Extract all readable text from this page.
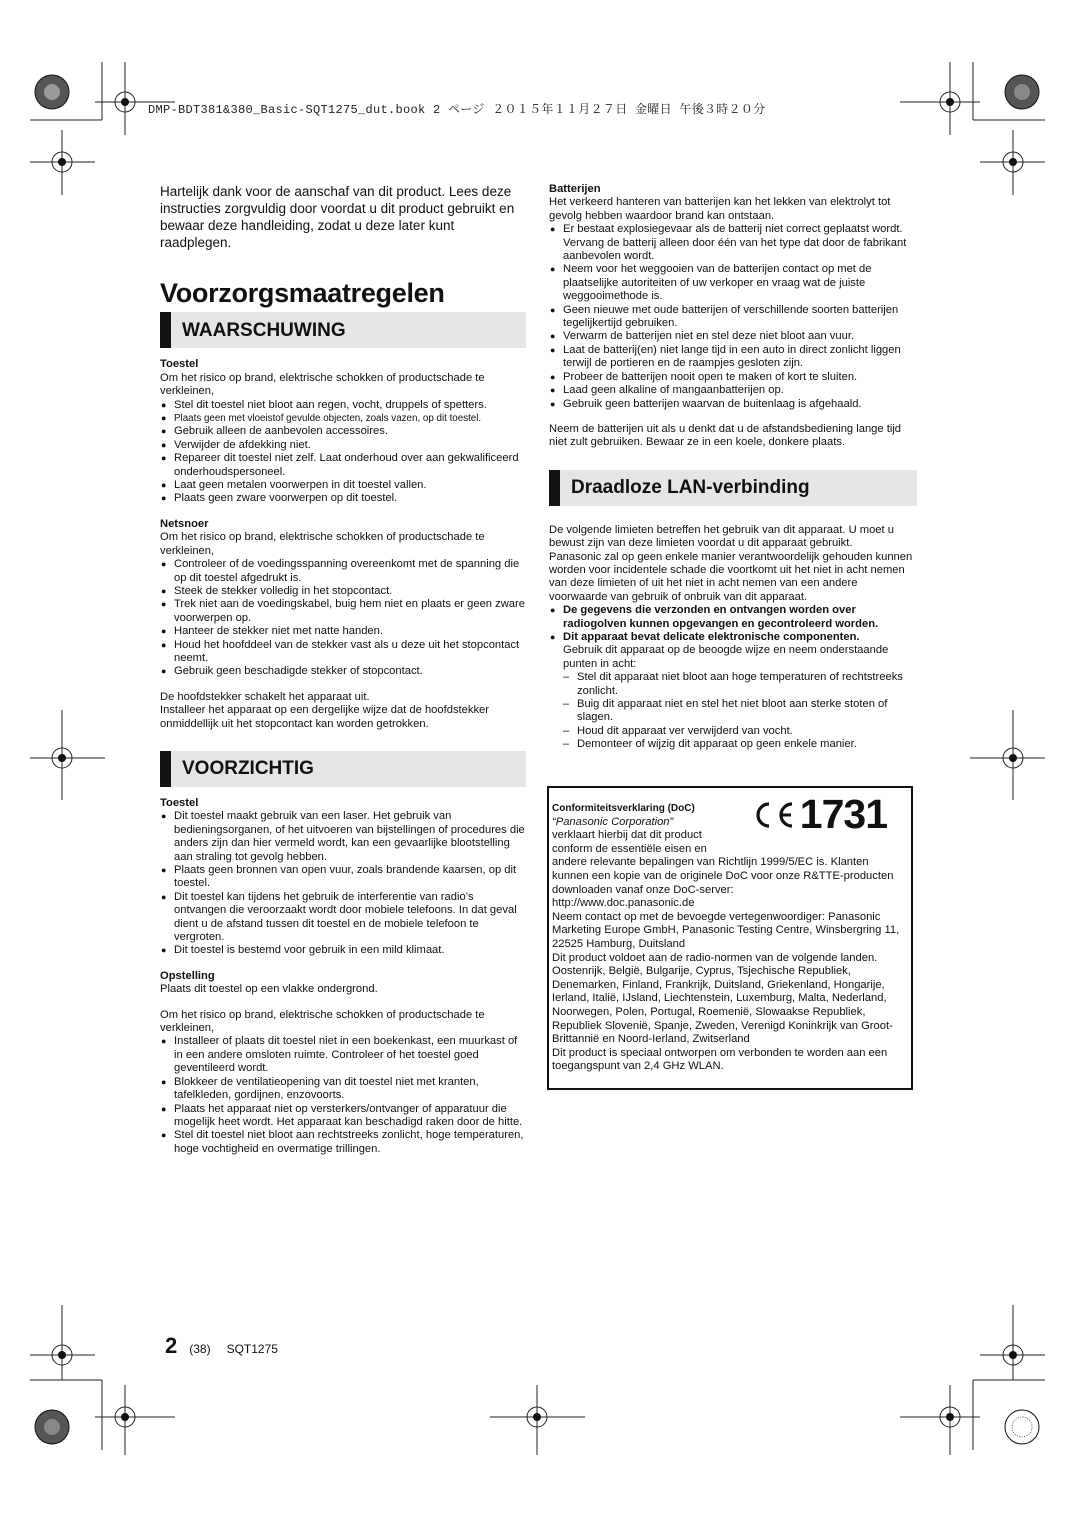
DMP-BDT381&380_Basic-SQT1275_dut.book 2 ページ ２０１５年１１月２７日 金曜日 午後３時２０分

Hartelijk dank voor de aanschaf van dit product. Lees deze instructies zorgvuldig door voordat u dit product gebruikt en bewaar deze handleiding, zodat u deze later kunt raadplegen.

Voorzorgsmaatregelen
WAARSCHUWING
Toestel

Om het risico op brand, elektrische schokken of productschade te verkleinen,

● Stel dit toestel niet bloot aan regen, vocht, druppels of spetters.
● Plaats geen met vloeistof gevulde objecten, zoals vazen, op dit toestel.
● Gebruik alleen de aanbevolen accessoires.
● Verwijder de afdekking niet.
● Repareer dit toestel niet zelf. Laat onderhoud over aan gekwalificeerd onderhoudspersoneel.
● Laat geen metalen voorwerpen in dit toestel vallen.
● Plaats geen zware voorwerpen op dit toestel.
Netsnoer

Om het risico op brand, elektrische schokken of productschade te verkleinen,

● Controleer of de voedingsspanning overeenkomt met de spanning die op dit toestel afgedrukt is.
● Steek de stekker volledig in het stopcontact.
● Trek niet aan de voedingskabel, buig hem niet en plaats er geen zware voorwerpen op.
● Hanteer de stekker niet met natte handen.
● Houd het hoofddeel van de stekker vast als u deze uit het stopcontact neemt.
● Gebruik geen beschadigde stekker of stopcontact.

De hoofdstekker schakelt het apparaat uit.

Installeer het apparaat op een dergelijke wijze dat de hoofdstekker onmiddellijk uit het stopcontact kan worden getrokken.

VOORZICHTIG
Toestel
● Dit toestel maakt gebruik van een laser. Het gebruik van bedieningsorganen, of het uitvoeren van bijstellingen of procedures die anders zijn dan hier vermeld wordt, kan een gevaarlijke blootstelling aan straling tot gevolg hebben.
● Plaats geen bronnen van open vuur, zoals brandende kaarsen, op dit toestel.
● Dit toestel kan tijdens het gebruik de interferentie van radio’s ontvangen die veroorzaakt wordt door mobiele telefoons. In dat geval dient u de afstand tussen dit toestel en de mobiele telefoon te vergroten.
● Dit toestel is bestemd voor gebruik in een mild klimaat.
Opstelling

Plaats dit toestel op een vlakke ondergrond.

Om het risico op brand, elektrische schokken of productschade te verkleinen,

● Installeer of plaats dit toestel niet in een boekenkast, een muurkast of in een andere omsloten ruimte. Controleer of het toestel goed geventileerd wordt.
● Blokkeer de ventilatieopening van dit toestel niet met kranten, tafelkleden, gordijnen, enzovoorts.
● Plaats het apparaat niet op versterkers/ontvanger of apparatuur die mogelijk heet wordt. Het apparaat kan beschadigd raken door de hitte.
● Stel dit toestel niet bloot aan rechtstreeks zonlicht, hoge temperaturen, hoge vochtigheid en overmatige trillingen.
Batterijen

Het verkeerd hanteren van batterijen kan het lekken van elektrolyt tot gevolg hebben waardoor brand kan ontstaan.

● Er bestaat explosiegevaar als de batterij niet correct geplaatst wordt. Vervang de batterij alleen door één van het type dat door de fabrikant aanbevolen wordt.
● Neem voor het weggooien van de batterijen contact op met de plaatselijke autoriteiten of uw verkoper en vraag wat de juiste weggooimethode is.
● Geen nieuwe met oude batterijen of verschillende soorten batterijen tegelijkertijd gebruiken.
● Verwarm de batterijen niet en stel deze niet bloot aan vuur.
● Laat de batterij(en) niet lange tijd in een auto in direct zonlicht liggen terwijl de portieren en de raampjes gesloten zijn.
● Probeer de batterijen nooit open te maken of kort te sluiten.
● Laad geen alkaline of mangaanbatterijen op.
● Gebruik geen batterijen waarvan de buitenlaag is afgehaald.

Neem de batterijen uit als u denkt dat u de afstandsbediening lange tijd niet zult gebruiken. Bewaar ze in een koele, donkere plaats.

Draadloze LAN-verbinding

De volgende limieten betreffen het gebruik van dit apparaat. U moet u bewust zijn van deze limieten voordat u dit apparaat gebruikt.

Panasonic zal op geen enkele manier verantwoordelijk gehouden kunnen worden voor incidentele schade die voortkomt uit het niet in acht nemen van deze limieten of uit het niet in acht nemen van een andere voorwaarde van gebruik of onbruik van dit apparaat.

● De gegevens die verzonden en ontvangen worden over radiogolven kunnen opgevangen en gecontroleerd worden.
● Dit apparaat bevat delicate elektronische componenten.
Gebruik dit apparaat op de beoogde wijze en neem onderstaande punten in acht:
– Stel dit apparaat niet bloot aan hoge temperaturen of rechtstreeks zonlicht.
– Buig dit apparaat niet en stel het niet bloot aan sterke stoten of slagen.
– Houd dit apparaat ver verwijderd van vocht.
– Demonteer of wijzig dit apparaat op geen enkele manier.
1731
Conformiteitsverklaring (DoC)
“Panasonic Corporation”
verklaart hierbij dat dit product
conform de essentiële eisen en
andere relevante bepalingen van Richtlijn 1999/5/EC is. Klanten kunnen een kopie van de originele DoC voor onze R&TTE-producten downloaden vanaf onze DoC-server:
http://www.doc.panasonic.de
Neem contact op met de bevoegde vertegenwoordiger: Panasonic Marketing Europe GmbH, Panasonic Testing Centre, Winsbergring 11, 22525 Hamburg, Duitsland
Dit product voldoet aan de radio-normen van de volgende landen. Oostenrijk, België, Bulgarije, Cyprus, Tsjechische Republiek, Denemarken, Finland, Frankrijk, Duitsland, Griekenland, Hongarije, Ierland, Italië, IJsland, Liechtenstein, Luxemburg, Malta, Nederland, Noorwegen, Polen, Portugal, Roemenië, Slowaakse Republiek, Republiek Slovenië, Spanje, Zweden, Verenigd Koninkrijk van Groot-Brittannië en Noord-Ierland, Zwitserland
Dit product is speciaal ontworpen om verbonden te worden aan een toegangspunt van 2,4 GHz WLAN.
2 (38) SQT1275
